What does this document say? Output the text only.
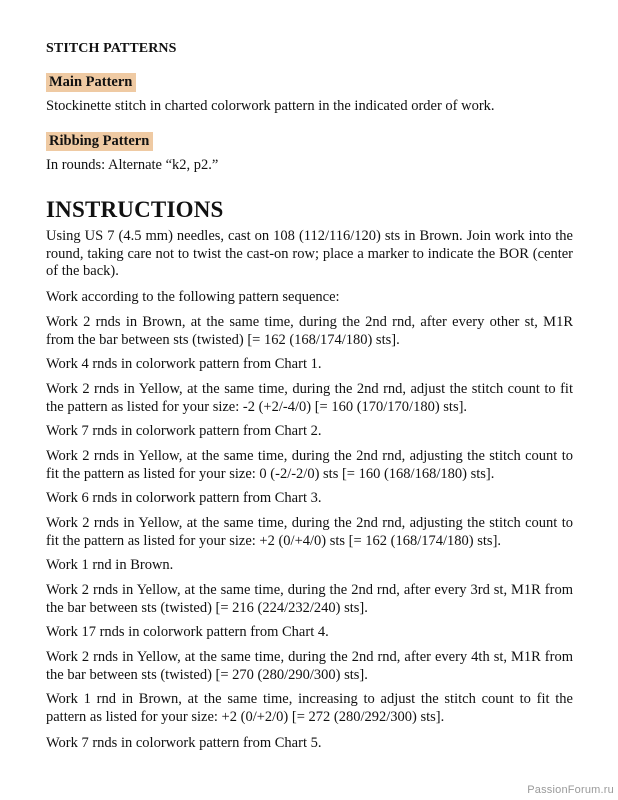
STITCH PATTERNS
Main Pattern
Stockinette stitch in charted colorwork pattern in the indicated order of work.
Ribbing Pattern
In rounds: Alternate “k2, p2.”
INSTRUCTIONS
Using US 7 (4.5 mm) needles, cast on 108 (112/116/120) sts in Brown. Join work into the round, taking care not to twist the cast-on row; place a marker to indicate the BOR (center of the back).
Work according to the following pattern sequence:
Work 2 rnds in Brown, at the same time, during the 2nd rnd, after every other st, M1R from the bar between sts (twisted) [= 162 (168/174/180) sts].
Work 4 rnds in colorwork pattern from Chart 1.
Work 2 rnds in Yellow, at the same time, during the 2nd rnd, adjust the stitch count to fit the pattern as listed for your size: -2 (+2/-4/0) [= 160 (170/170/180) sts].
Work 7 rnds in colorwork pattern from Chart 2.
Work 2 rnds in Yellow, at the same time, during the 2nd rnd, adjusting the stitch count to fit the pattern as listed for your size: 0 (-2/-2/0) sts [= 160 (168/168/180) sts].
Work 6 rnds in colorwork pattern from Chart 3.
Work 2 rnds in Yellow, at the same time, during the 2nd rnd, adjusting the stitch count to fit the pattern as listed for your size: +2 (0/+4/0) sts [= 162 (168/174/180) sts].
Work 1 rnd in Brown.
Work 2 rnds in Yellow, at the same time, during the 2nd rnd, after every 3rd st, M1R from the bar between sts (twisted) [= 216 (224/232/240) sts].
Work 17 rnds in colorwork pattern from Chart 4.
Work 2 rnds in Yellow, at the same time, during the 2nd rnd, after every 4th st, M1R from the bar between sts (twisted) [= 270 (280/290/300) sts].
Work 1 rnd in Brown, at the same time, increasing to adjust the stitch count to fit the pattern as listed for your size: +2 (0/+2/0) [= 272 (280/292/300) sts].
Work 7 rnds in colorwork pattern from Chart 5.
PassionForum.ru
